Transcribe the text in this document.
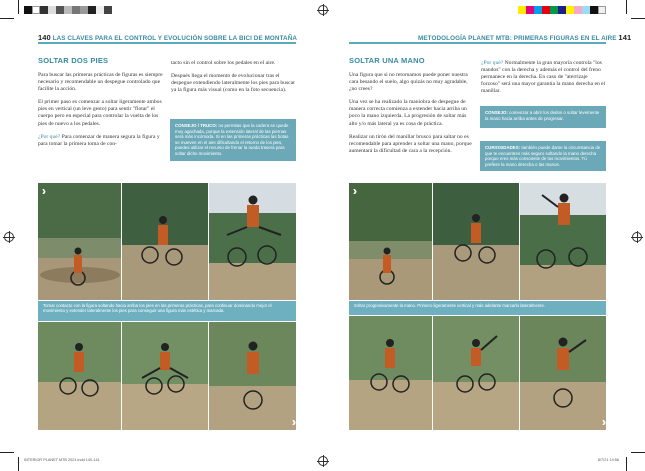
140 LAS CLAVES PARA EL CONTROL Y EVOLUCIÓN SOBRE LA BICI DE MONTAÑA
SOLTAR DOS PIES

Para buscar las primeras prácticas de figuras es siempre necesario y recomendable un despegue controlado que facilite la acción.

El primer paso es comenzar a soltar ligeramente ambos pies en vertical (un leve gesto) para sentir "flotar" el cuerpo pero en especial para controlar la vuelta de los pies de nuevo a los pedales.

¿Por qué? Para comenzar de manera segura la figura y para tomar la primera toma de con-

tacto sin el control sobre los pedales en el aire.

Después llega el momento de evolucionar tras el despegue extendiendo lateralmente los pies para buscar ya la figura más visual (como en la foto secuencia).

CONSEJO / TRUCO: no permitas que la cadera se quede muy agachada, porque la extensión lateral de las piernas será más incómoda. Si en las primeras prácticas las botas se mueven en el aire dificultando el retorno de los pies, puedes utilizar el recurso de frenar la rueda trasera para soltar dicho movimiento.
Tomar contacto con la figura soltando hacia arriba los pies en las primeras prácticas, para continuar dominando mejor el movimiento y extender lateralmente los pies para conseguir una figura más estética y marcada.
METODOLOGÍA PLANET MTB: PRIMERAS FIGURAS EN EL AIRE 141
SOLTAR UNA MANO

Una figura que si no retornamos puede poner nuestra cara besando el suelo, algo quizás no muy agradable, ¿no crees?

Una vez se ha realizado la maniobra de despegue de manera correcta comienza a extender hacia arriba un poco la mano izquierda. La progresión de soltar más alto y/o más lateral ya es cosa de práctica.

Realizar un tirón del manillar brusco para saltar no es recomendable para aprender a soltar una mano, porque aumentará la dificultad de cara a la recepción.

¿Por qué? Normalmente la gran mayoría controla "los mandos" con la derecha y además el control del freno permanece en la derecha. En caso de "aterrizaje forzoso" será una mayor garantía la mano derecha en el manillar.

CONSEJO: comenzar a abrir los dedos o soltar levemente la mano hacia arriba antes de progresar.
CURIOSIDADES: también puede darse la circunstancia de que te encuentres más seguro soltando la mano derecha porque eres más consciente de tus movimientos. Tú prefiere la mano derecha o las manos.
Soltar progresivamente la mano. Primero ligeramente vertical y más adelante marcarlo lateralmente.
INTERIOR PLANET MTB 2021.indd 140-141	8/7/21 14:56
